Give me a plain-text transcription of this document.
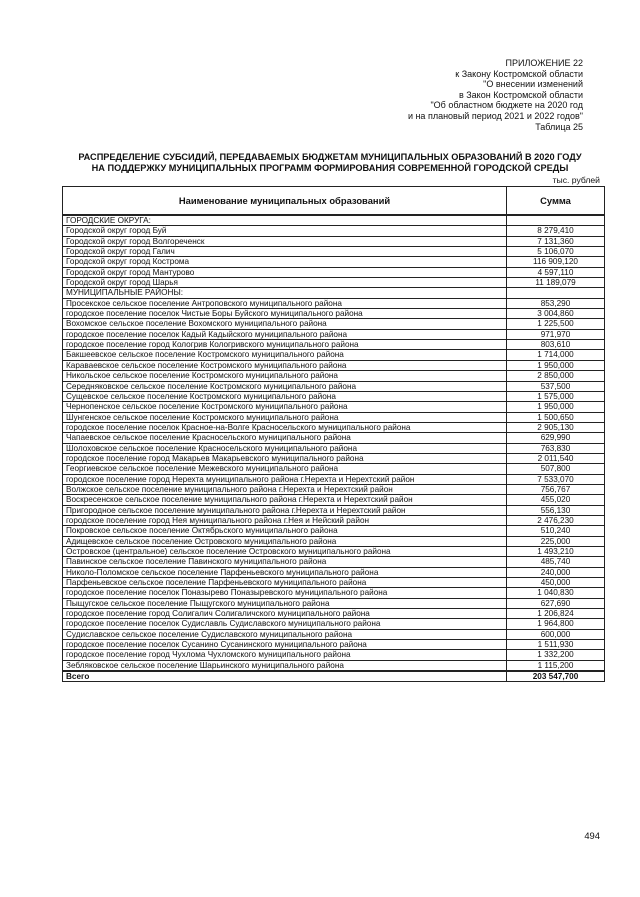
ПРИЛОЖЕНИЕ 22
к Закону Костромской области
"О внесении изменений
в Закон Костромской области
"Об областном бюджете на 2020 год
и на плановый период 2021 и 2022 годов"
Таблица 25
РАСПРЕДЕЛЕНИЕ СУБСИДИЙ, ПЕРЕДАВАЕМЫХ БЮДЖЕТАМ МУНИЦИПАЛЬНЫХ ОБРАЗОВАНИЙ В 2020 ГОДУ
НА ПОДДЕРЖКУ МУНИЦИПАЛЬНЫХ ПРОГРАММ ФОРМИРОВАНИЯ СОВРЕМЕННОЙ ГОРОДСКОЙ СРЕДЫ
тыс. рублей
Наименование муниципальных образований	Сумма
ГОРОДСКИЕ ОКРУГА:	
Городской округ город Буй	8 279,410
Городской округ город Волгореченск	7 131,360
Городской округ город Галич	5 106,070
Городской округ город Кострома	116 909,120
Городской округ город Мантурово	4 597,110
Городской округ город Шарья	11 189,079
МУНИЦИПАЛЬНЫЕ РАЙОНЫ:	
Просекское сельское поселение Антроповского муниципального района	853,290
городское поселение поселок Чистые Боры Буйского муниципального района	3 004,860
Вохомское сельское поселение Вохомского муниципального района	1 225,500
городское поселение поселок Кадый Кадыйского муниципального района	971,970
городское поселение город Кологрив Кологривского муниципального района	803,610
Бакшеевское сельское поселение Костромского муниципального района	1 714,000
Караваевское сельское поселение Костромского муниципального района	1 950,000
Никольское сельское поселение Костромского муниципального района	2 850,000
Середняковское сельское поселение Костромского муниципального района	537,500
Сущевское сельское поселение Костромского муниципального района	1 575,000
Чернопенское сельское поселение Костромского муниципального района	1 950,000
Шунгенское сельское поселение Костромского муниципального района	1 500,650
городское поселение поселок Красное-на-Волге Красносельского муниципального района	2 905,130
Чапаевское сельское поселение Красносельского муниципального района	629,990
Шолоховское сельское поселение Красносельского муниципального района	763,830
городское поселение город Макарьев Макарьевского муниципального района	2 011,540
Георгиевское сельское поселение Межевского муниципального района	507,800
городское поселение город Нерехта муниципального района г.Нерехта и Нерехтский район	7 533,070
Волжское сельское поселение муниципального района г.Нерехта и Нерехтский район	756,767
Воскресенское сельское поселение муниципального района г.Нерехта и Нерехтский район	455,020
Пригородное сельское поселение муниципального района г.Нерехта и Нерехтский район	556,130
городское поселение город Нея муниципального района г.Нея и Нейский район	2 476,230
Покровское сельское поселение Октябрьского муниципального района	510,240
Адищевское сельское поселение Островского муниципального района	225,000
Островское (центральное) сельское поселение Островского муниципального района	1 493,210
Павинское сельское поселение Павинского муниципального района	485,740
Николо-Поломское сельское поселение Парфеньевского муниципального района	240,000
Парфеньевское сельское поселение Парфеньевского муниципального района	450,000
городское поселение поселок Поназырево Поназыревского муниципального района	1 040,830
Пыщугское сельское поселение Пыщугского муниципального района	627,690
городское поселение город Солигалич Солигаличского муниципального района	1 206,824
городское поселение поселок Судиславль Судиславского муниципального района	1 964,800
Судиславское сельское поселение Судиславского муниципального района	600,000
городское поселение поселок Сусанино Сусанинского муниципального района	1 511,930
городское поселение город Чухлома Чухломского муниципального района	1 332,200
Зебляковское сельское поселение Шарьинского муниципального района	1 115,200
Всего	203 547,700
494
